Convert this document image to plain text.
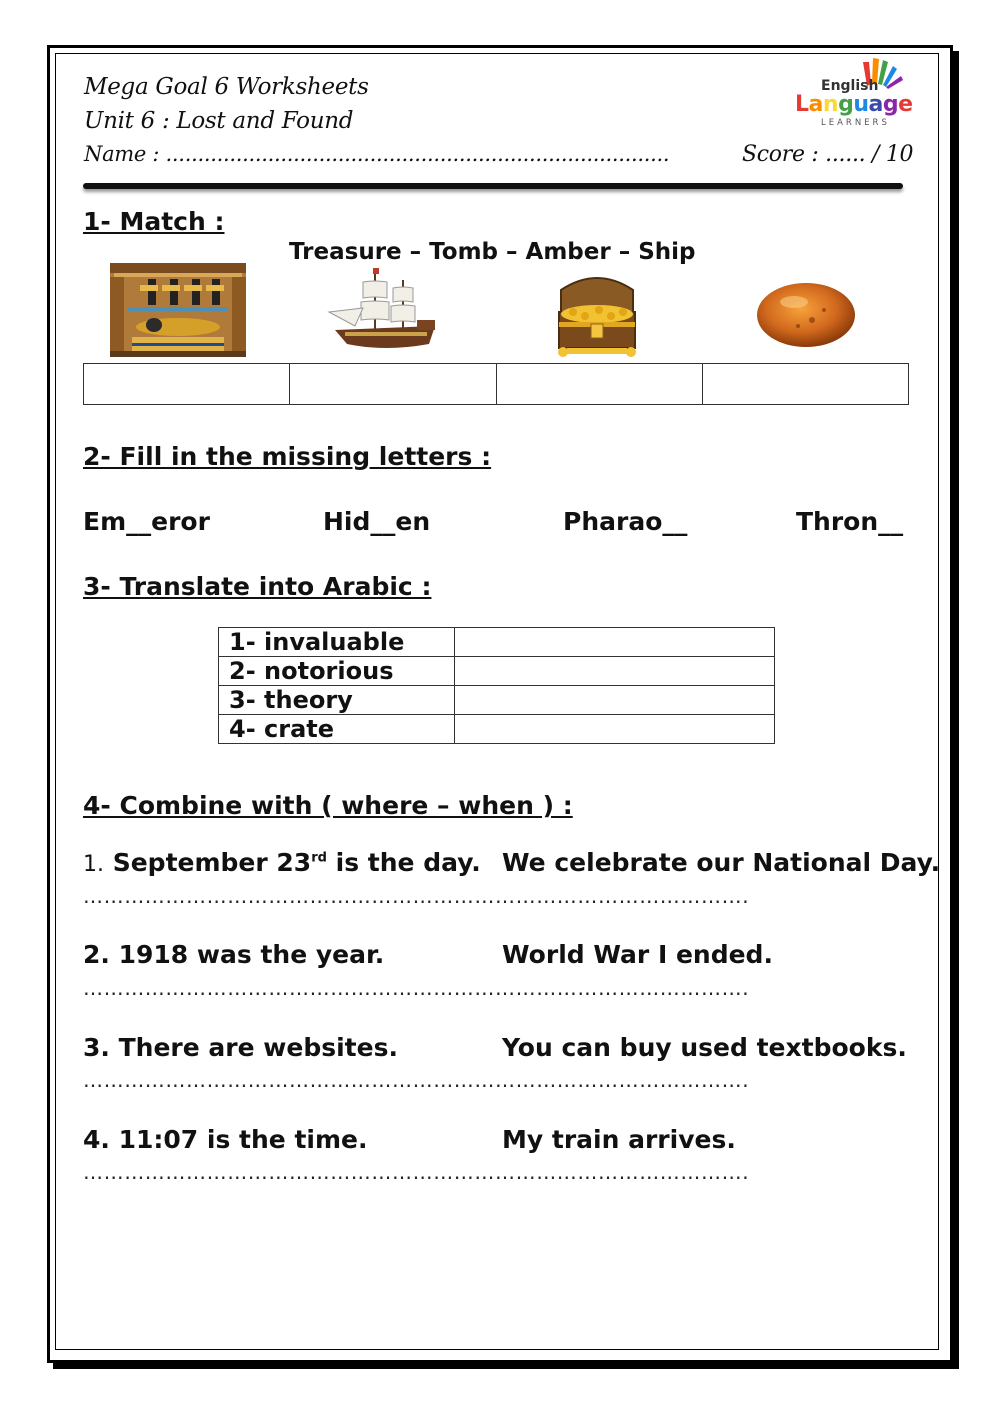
Mega Goal 6 Worksheets
Unit 6 : Lost and Found
Name : ...............................................................................	Score : ...... / 10
English
Language
LEARNERS
1- Match :
Treasure – Tomb – Amber – Ship
2- Fill in the missing letters :
Em__eror	Hid__en	Pharao__	Thron__
3- Translate into Arabic :
1- invaluable	
2- notorious	
3- theory	
4- crate	
4- Combine with ( where – when ) :
1. September 23rd is the day. We celebrate our National Day.
…………………………………………………………………………………….
2. 1918 was the year.	World War I ended.
…………………………………………………………………………………….
3. There are websites.	You can buy used textbooks.
…………………………………………………………………………………….
4. 11:07 is the time.	My train arrives.
…………………………………………………………………………………….
